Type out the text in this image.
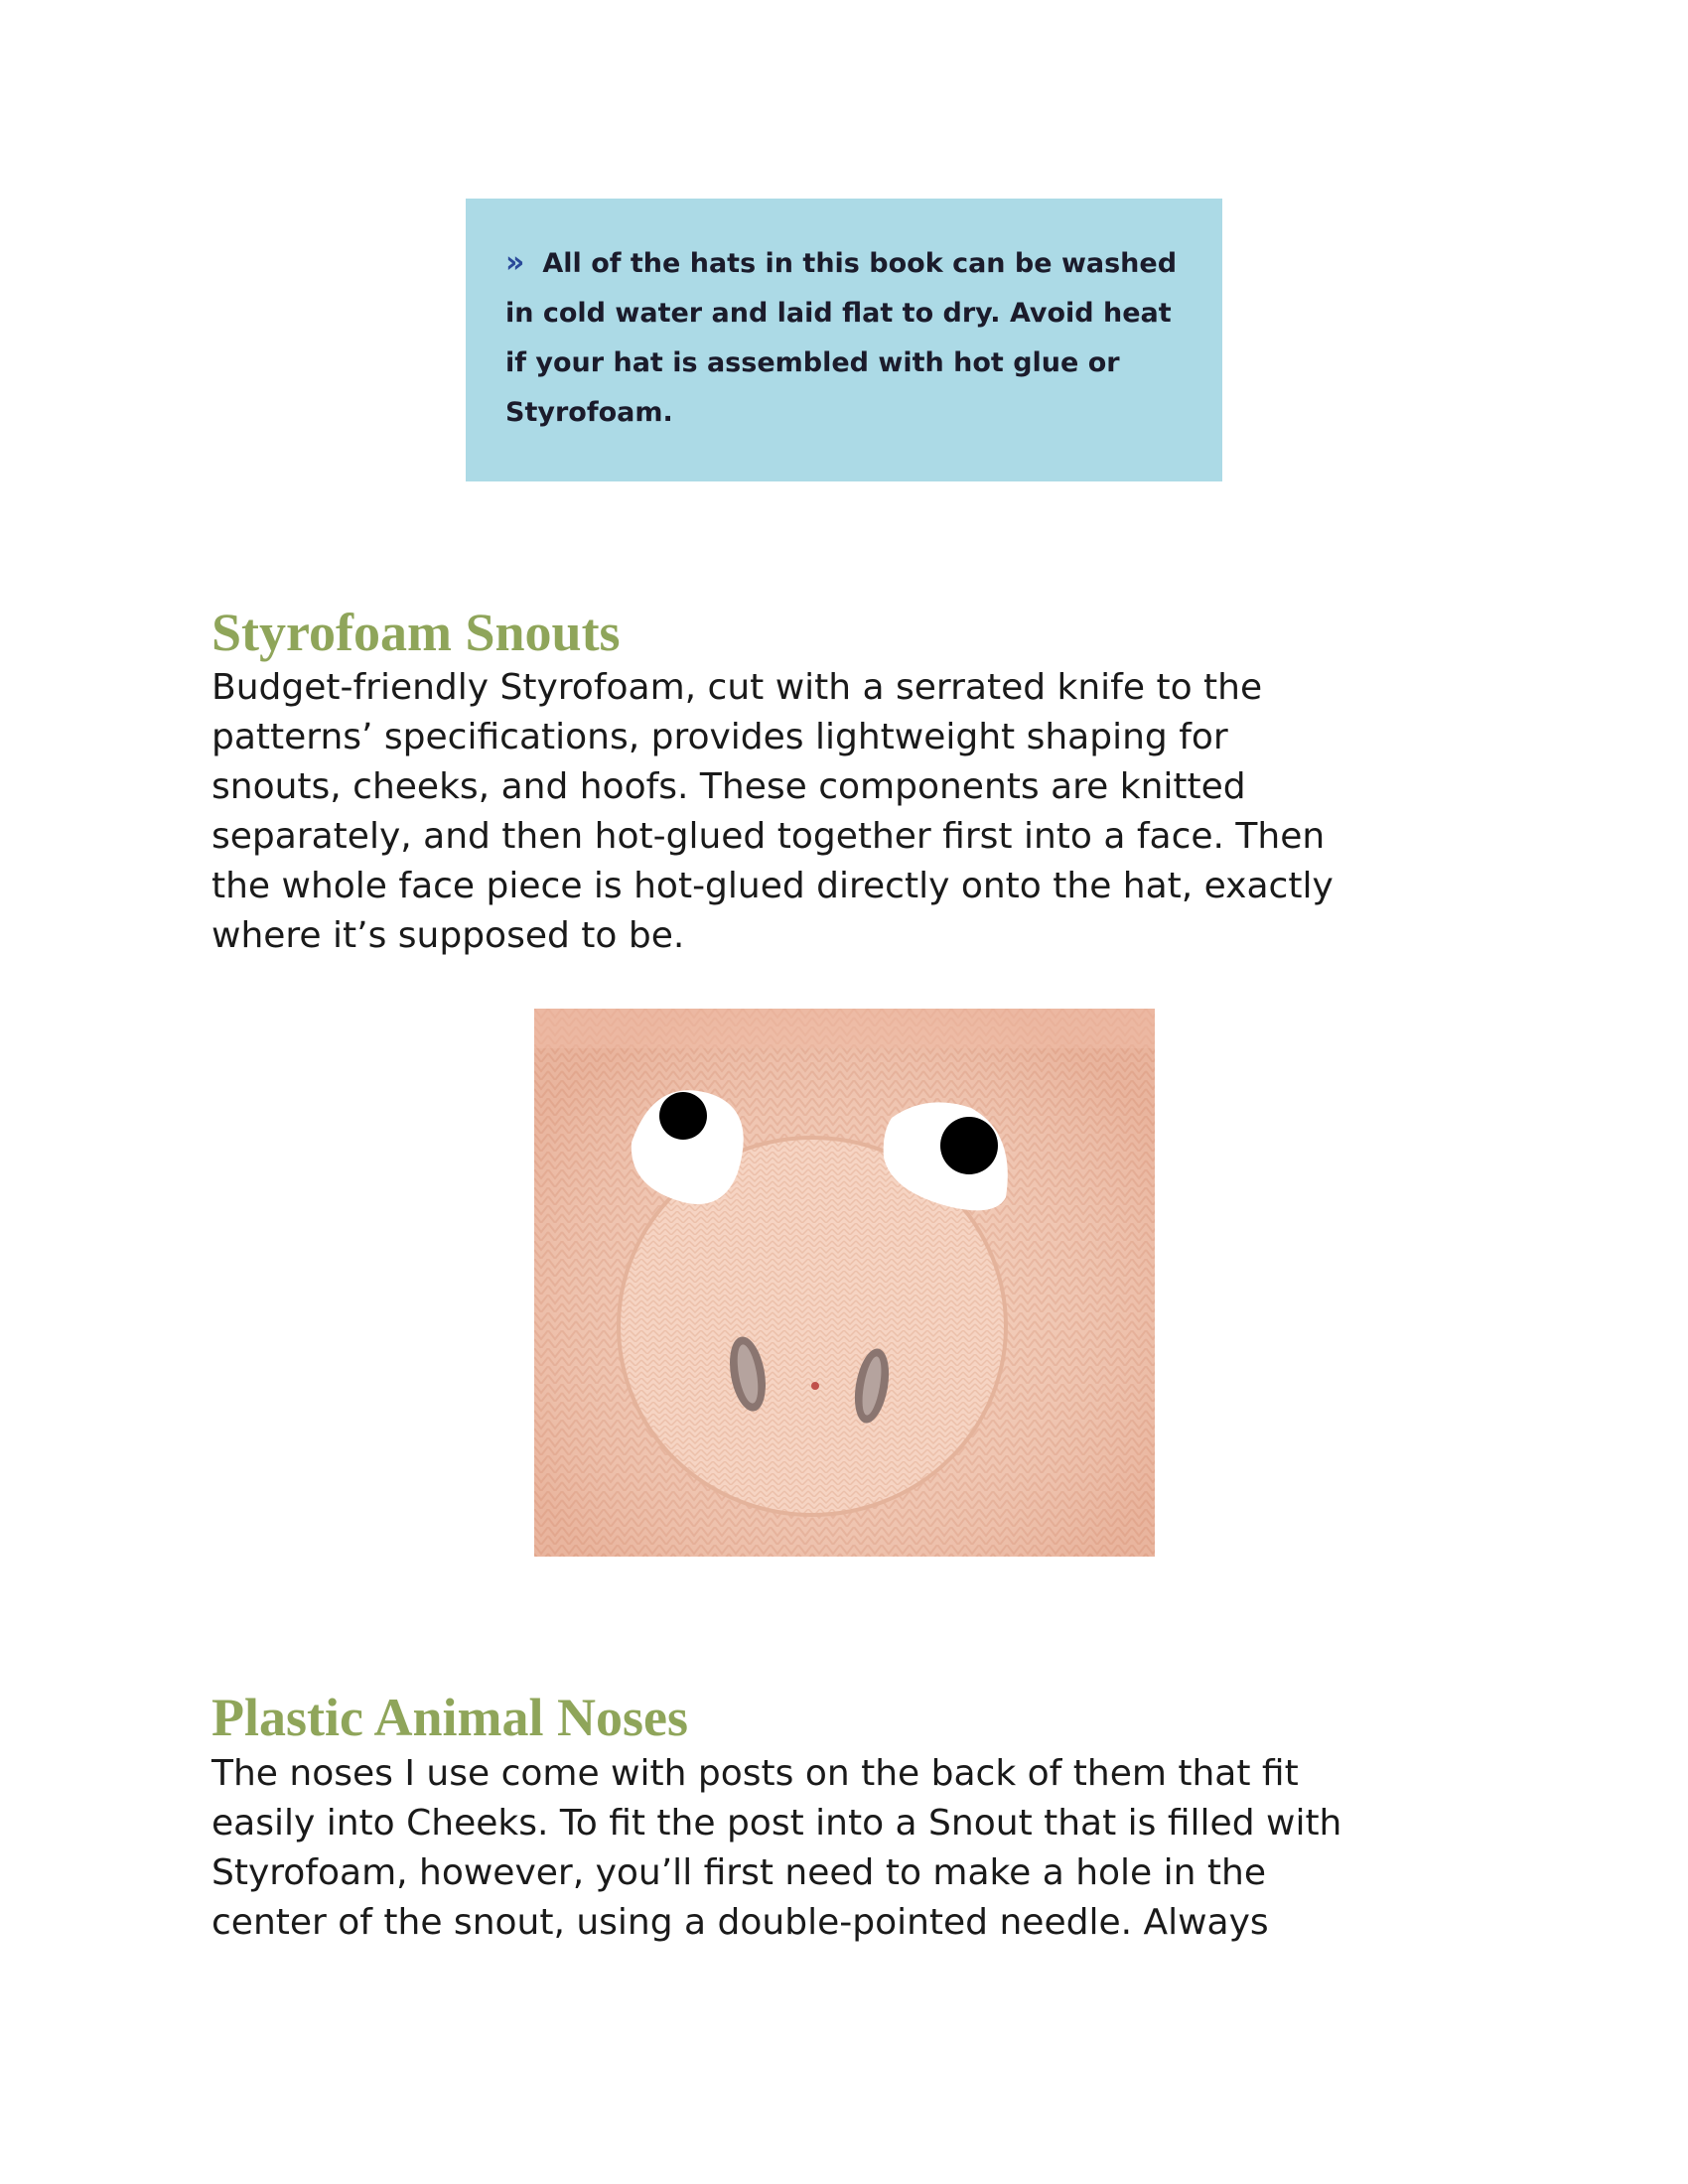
» All of the hats in this book can be washed
in cold water and laid flat to dry. Avoid heat
if your hat is assembled with hot glue or
Styrofoam.
Styrofoam Snouts

Budget-friendly Styrofoam, cut with a serrated knife to the
patterns’ specifications, provides lightweight shaping for
snouts, cheeks, and hoofs. These components are knitted
separately, and then hot-glued together first into a face. Then
the whole face piece is hot-glued directly onto the hat, exactly
where it’s supposed to be.

Plastic Animal Noses

The noses I use come with posts on the back of them that fit
easily into Cheeks. To fit the post into a Snout that is filled with
Styrofoam, however, you’ll first need to make a hole in the
center of the snout, using a double-pointed needle. Always
